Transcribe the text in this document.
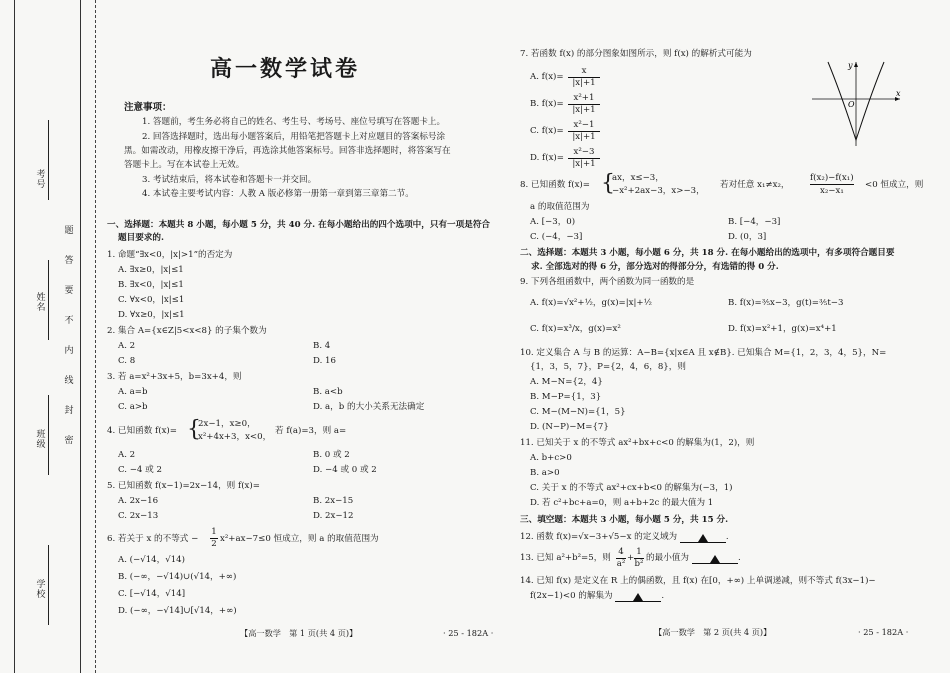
考号
姓名
班级
学校
题
答
要
不
内
线
封
密
高一数学试卷
注意事项：
1. 答题前，考生务必将自己的姓名、考生号、考场号、座位号填写在答题卡上。
2. 回答选择题时，选出每小题答案后，用铅笔把答题卡上对应题目的答案标号涂
黑。如需改动，用橡皮擦干净后，再选涂其他答案标号。回答非选择题时，将答案写在
答题卡上。写在本试卷上无效。
3. 考试结束后，将本试卷和答题卡一并交回。
4. 本试卷主要考试内容：人教 A 版必修第一册第一章到第三章第二节。
一、选择题：本题共 8 小题，每小题 5 分，共 40 分. 在每小题给出的四个选项中，只有一项是符合
题目要求的.
1. 命题“∃x<0，|x|>1”的否定为
A. ∃x≥0，|x|≤1
B. ∃x<0，|x|≤1
C. ∀x<0，|x|≤1
D. ∀x≥0，|x|≤1
2. 集合 A={x∈Z|5<x<8} 的子集个数为
A. 2	B. 4
C. 8	D. 16
3. 若 a=x²+3x+5，b=3x+4，则
A. a=b	B. a<b
C. a>b	D. a，b 的大小关系无法确定
4. 已知函数 f(x)= {
2x−1，x≥0，
x²+4x+3，x<0，
若 f(a)=3，则 a=
A. 2	B. 0 或 2
C. −4 或 2	D. −4 或 0 或 2
5. 已知函数 f(x−1)=2x−14，则 f(x)=
A. 2x−16	B. 2x−15
C. 2x−13	D. 2x−12
6. 若关于 x 的不等式 −
1
2 x²+ax−7≤0 恒成立，则 a 的取值范围为
A. (−√14，√14)
B. (−∞，−√14)∪(√14，+∞)
C. [−√14，√14]
D. (−∞，−√14]∪[√14，+∞)
【高一数学　第 1 页(共 4 页)】	· 25 - 182A ·
7. 若函数 f(x) 的部分图象如图所示，则 f(x) 的解析式可能为
A. f(x)=
x
|x|+1
B. f(x)=
x²+1
|x|+1
C. f(x)=
x²−1
|x|+1
D. f(x)=
x²−3
|x|+1
x
y
O
8. 已知函数 f(x)= {
ax，x≤−3，
−x²+2ax−3，x>−3，
若对任意 x₁≠x₂，
f(x₂)−f(x₁)
x₂−x₁
<0 恒成立，则
a 的取值范围为
A. [−3，0)	B. [−4，−3]
C. (−4，−3]	D. (0，3]
二、选择题：本题共 3 小题，每小题 6 分，共 18 分. 在每小题给出的选项中，有多项符合题目要
求. 全部选对的得 6 分，部分选对的得部分分，有选错的得 0 分.
9. 下列各组函数中，两个函数为同一函数的是
A. f(x)=√x²+½，g(x)=|x|+½	B. f(x)=⅗x−3，g(t)=⅗t−3
C. f(x)=x³/x，g(x)=x²	D. f(x)=x²+1，g(x)=x⁴+1
10. 定义集合 A 与 B 的运算：A−B={x|x∈A 且 x∉B}. 已知集合 M={1，2，3，4，5}，N=
{1，3，5，7}，P={2，4，6，8}，则
A. M−N={2，4}
B. M−P={1，3}
C. M−(M−N)={1，5}
D. (N−P)−M={7}
11. 已知关于 x 的不等式 ax²+bx+c<0 的解集为(1，2)，则
A. b+c>0
B. a>0
C. 关于 x 的不等式 ax²+cx+b<0 的解集为(−3，1)
D. 若 c²+bc+a=0，则 a+b+2c 的最大值为 1
三、填空题：本题共 3 小题，每小题 5 分，共 15 分.
12. 函数 f(x)=√x−3+√5−x 的定义域为	.
13. 已知 a²+b²=5，则
4
a²
+
1
b²
的最小值为	.
14. 已知 f(x) 是定义在 R 上的偶函数，且 f(x) 在[0，+∞) 上单调递减，则不等式 f(3x−1)−
f(2x−1)<0 的解集为	.
【高一数学　第 2 页(共 4 页)】	· 25 - 182A ·
